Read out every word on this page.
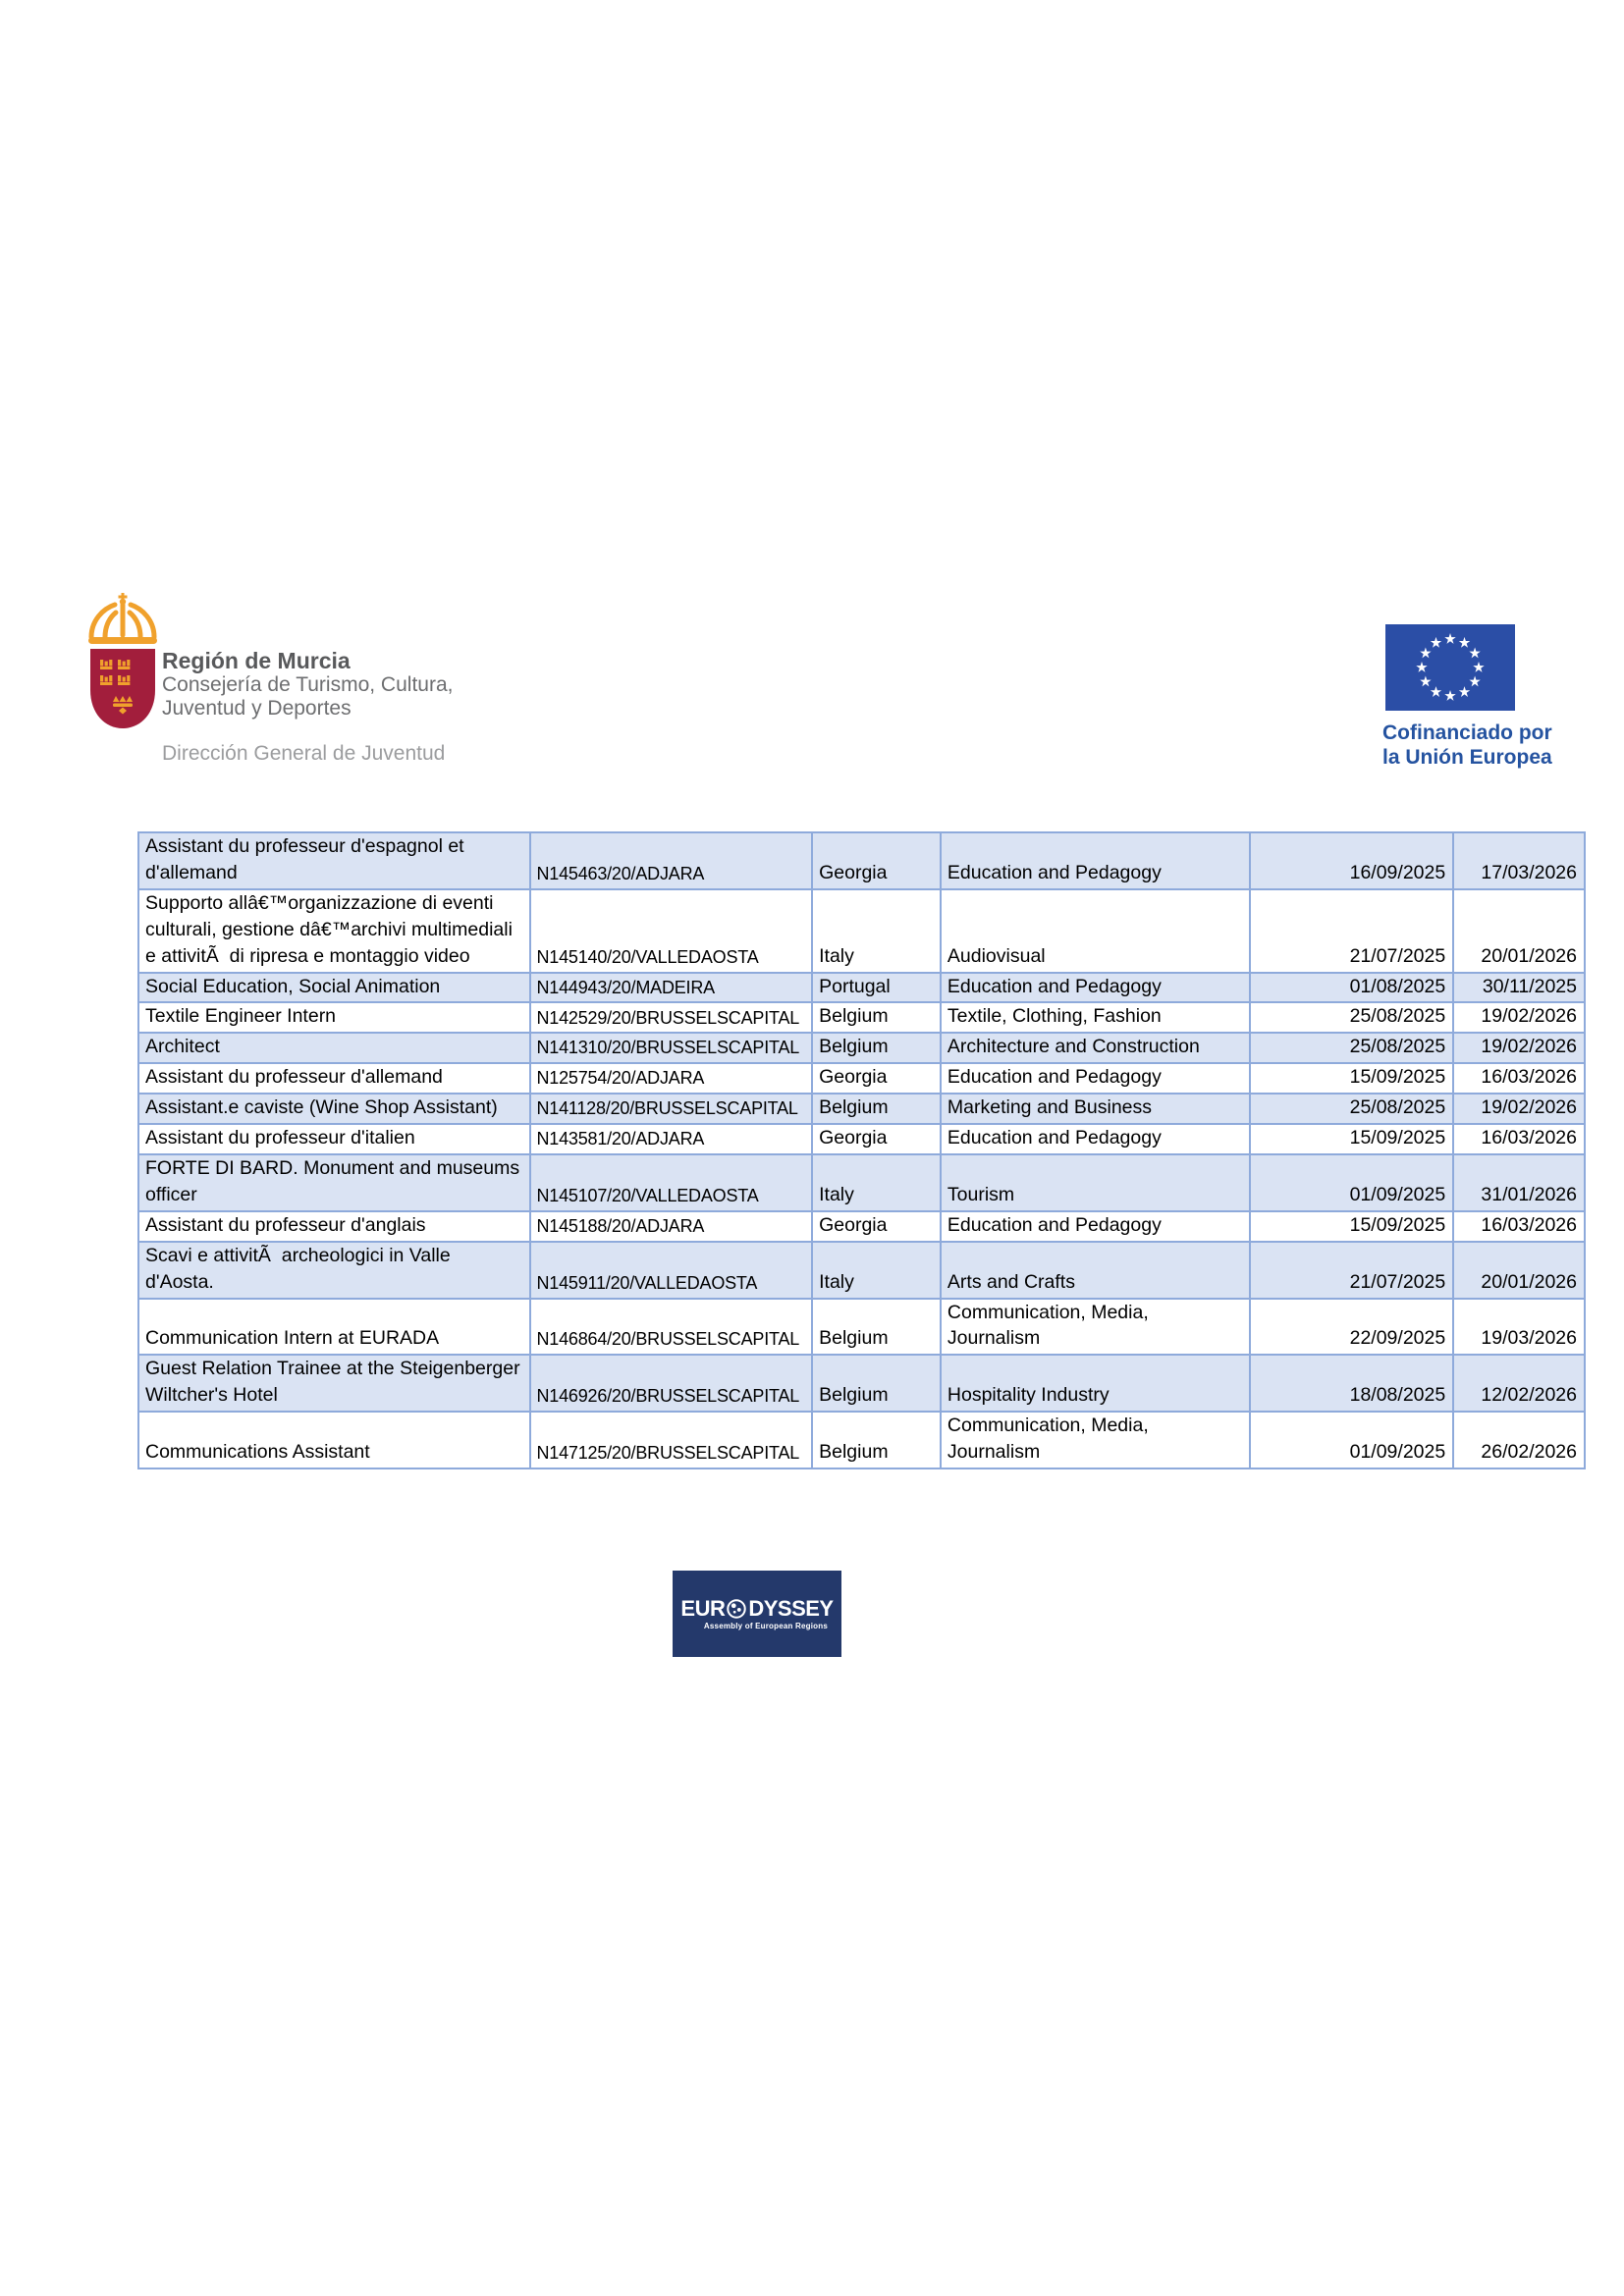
Región de Murcia
Consejería de Turismo, Cultura,
Juventud y Deportes
Dirección General de Juventud
Cofinanciado por
la Unión Europea
Assistant du professeur d'espagnol et d'allemand	N145463/20/ADJARA	Georgia	Education and Pedagogy	16/09/2025	17/03/2026
Supporto allâ€™organizzazione di eventi culturali, gestione dâ€™archivi multimediali e attivitÃ  di ripresa e montaggio video	N145140/20/VALLEDAOSTA	Italy	Audiovisual	21/07/2025	20/01/2026
Social Education, Social Animation	N144943/20/MADEIRA	Portugal	Education and Pedagogy	01/08/2025	30/11/2025
Textile Engineer Intern	N142529/20/BRUSSELSCAPITAL	Belgium	Textile, Clothing, Fashion	25/08/2025	19/02/2026
Architect	N141310/20/BRUSSELSCAPITAL	Belgium	Architecture and Construction	25/08/2025	19/02/2026
Assistant du professeur d'allemand	N125754/20/ADJARA	Georgia	Education and Pedagogy	15/09/2025	16/03/2026
Assistant.e caviste (Wine Shop Assistant)	N141128/20/BRUSSELSCAPITAL	Belgium	Marketing and Business	25/08/2025	19/02/2026
Assistant du professeur d'italien	N143581/20/ADJARA	Georgia	Education and Pedagogy	15/09/2025	16/03/2026
FORTE DI BARD. Monument and museums officer	N145107/20/VALLEDAOSTA	Italy	Tourism	01/09/2025	31/01/2026
Assistant du professeur d'anglais	N145188/20/ADJARA	Georgia	Education and Pedagogy	15/09/2025	16/03/2026
Scavi e attivitÃ  archeologici in Valle d'Aosta.	N145911/20/VALLEDAOSTA	Italy	Arts and Crafts	21/07/2025	20/01/2026
Communication Intern at EURADA	N146864/20/BRUSSELSCAPITAL	Belgium	Communication, Media, Journalism	22/09/2025	19/03/2026
Guest Relation Trainee at the Steigenberger Wiltcher's Hotel	N146926/20/BRUSSELSCAPITAL	Belgium	Hospitality Industry	18/08/2025	12/02/2026
Communications Assistant	N147125/20/BRUSSELSCAPITAL	Belgium	Communication, Media, Journalism	01/09/2025	26/02/2026
EUR DYSSEY
Assembly of European Regions
